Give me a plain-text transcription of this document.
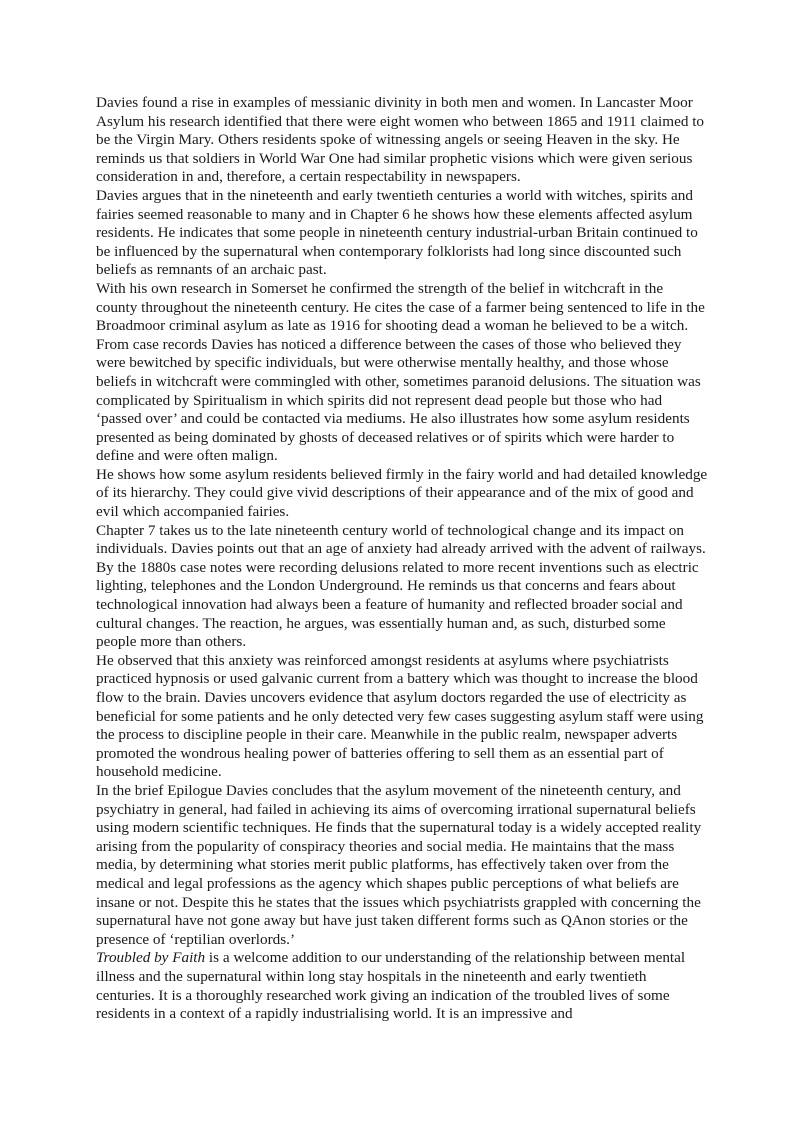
Davies found a rise in examples of messianic divinity in both men and women. In Lancaster Moor Asylum his research identified that there were eight women who between 1865 and 1911 claimed to be the Virgin Mary. Others residents spoke of witnessing angels or seeing Heaven in the sky. He reminds us that soldiers in World War One had similar prophetic visions which were given serious consideration in and, therefore, a certain respectability in newspapers.

Davies argues that in the nineteenth and early twentieth centuries a world with witches, spirits and fairies seemed reasonable to many and in Chapter 6 he shows how these elements affected asylum residents. He indicates that some people in nineteenth century industrial-urban Britain continued to be influenced by the supernatural when contemporary folklorists had long since discounted such beliefs as remnants of an archaic past.

With his own research in Somerset he confirmed the strength of the belief in witchcraft in the county throughout the nineteenth century. He cites the case of a farmer being sentenced to life in the Broadmoor criminal asylum as late as 1916 for shooting dead a woman he believed to be a witch.

From case records Davies has noticed a difference between the cases of those who believed they were bewitched by specific individuals, but were otherwise mentally healthy, and those whose beliefs in witchcraft were commingled with other, sometimes paranoid delusions. The situation was complicated by Spiritualism in which spirits did not represent dead people but those who had ‘passed over’ and could be contacted via mediums. He also illustrates how some asylum residents presented as being dominated by ghosts of deceased relatives or of spirits which were harder to define and were often malign.

He shows how some asylum residents believed firmly in the fairy world and had detailed knowledge of its hierarchy. They could give vivid descriptions of their appearance and of the mix of good and evil which accompanied fairies.

Chapter 7 takes us to the late nineteenth century world of technological change and its impact on individuals. Davies points out that an age of anxiety had already arrived with the advent of railways. By the 1880s case notes were recording delusions related to more recent inventions such as electric lighting, telephones and the London Underground. He reminds us that concerns and fears about technological innovation had always been a feature of humanity and reflected broader social and cultural changes. The reaction, he argues, was essentially human and, as such, disturbed some people more than others.

He observed that this anxiety was reinforced amongst residents at asylums where psychiatrists practiced hypnosis or used galvanic current from a battery which was thought to increase the blood flow to the brain. Davies uncovers evidence that asylum doctors regarded the use of electricity as beneficial for some patients and he only detected very few cases suggesting asylum staff were using the process to discipline people in their care. Meanwhile in the public realm, newspaper adverts promoted the wondrous healing power of batteries offering to sell them as an essential part of household medicine.

In the brief Epilogue Davies concludes that the asylum movement of the nineteenth century, and psychiatry in general, had failed in achieving its aims of overcoming irrational supernatural beliefs using modern scientific techniques. He finds that the supernatural today is a widely accepted reality arising from the popularity of conspiracy theories and social media. He maintains that the mass media, by determining what stories merit public platforms, has effectively taken over from the medical and legal professions as the agency which shapes public perceptions of what beliefs are insane or not. Despite this he states that the issues which psychiatrists grappled with concerning the supernatural have not gone away but have just taken different forms such as QAnon stories or the presence of ‘reptilian overlords.’

Troubled by Faith is a welcome addition to our understanding of the relationship between mental illness and the supernatural within long stay hospitals in the nineteenth and early twentieth centuries. It is a thoroughly researched work giving an indication of the troubled lives of some residents in a context of a rapidly industrialising world. It is an impressive and
